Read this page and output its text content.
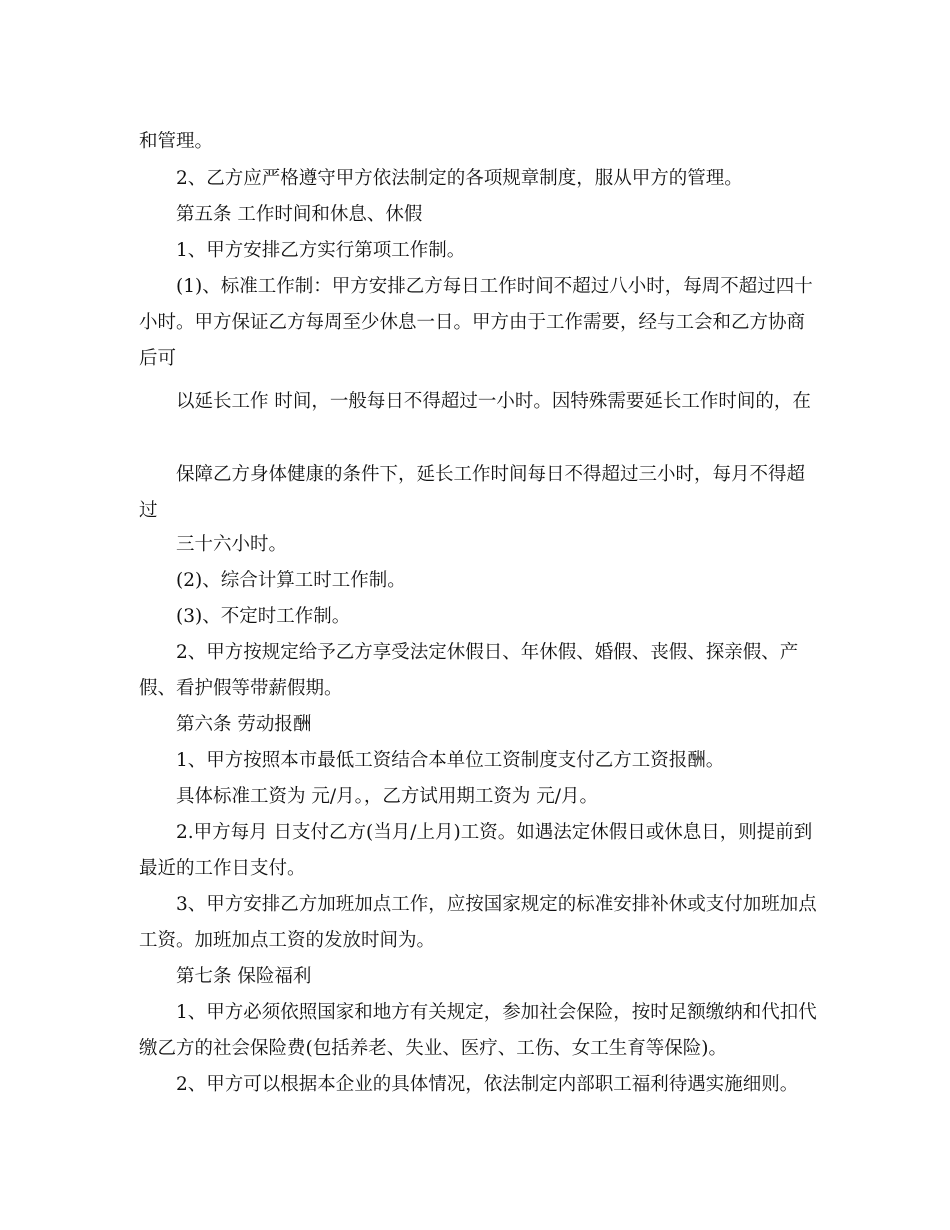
和管理。

2、乙方应严格遵守甲方依法制定的各项规章制度，服从甲方的管理。

第五条 工作时间和休息、休假

1、甲方安排乙方实行第项工作制。

(1)、标准工作制：甲方安排乙方每日工作时间不超过八小时，每周不超过四十小时。甲方保证乙方每周至少休息一日。甲方由于工作需要，经与工会和乙方协商后可

以延长工作 时间，一般每日不得超过一小时。因特殊需要延长工作时间的，在

保障乙方身体健康的条件下，延长工作时间每日不得超过三小时，每月不得超过

三十六小时。

(2)、综合计算工时工作制。

(3)、不定时工作制。

2、甲方按规定给予乙方享受法定休假日、年休假、婚假、丧假、探亲假、产假、看护假等带薪假期。

第六条 劳动报酬

1、甲方按照本市最低工资结合本单位工资制度支付乙方工资报酬。

具体标准工资为 元/月。，乙方试用期工资为 元/月。

2.甲方每月 日支付乙方(当月/上月)工资。如遇法定休假日或休息日，则提前到最近的工作日支付。

3、甲方安排乙方加班加点工作，应按国家规定的标准安排补休或支付加班加点工资。加班加点工资的发放时间为。

第七条 保险福利

1、甲方必须依照国家和地方有关规定，参加社会保险，按时足额缴纳和代扣代缴乙方的社会保险费(包括养老、失业、医疗、工伤、女工生育等保险)。

2、甲方可以根据本企业的具体情况，依法制定内部职工福利待遇实施细则。
